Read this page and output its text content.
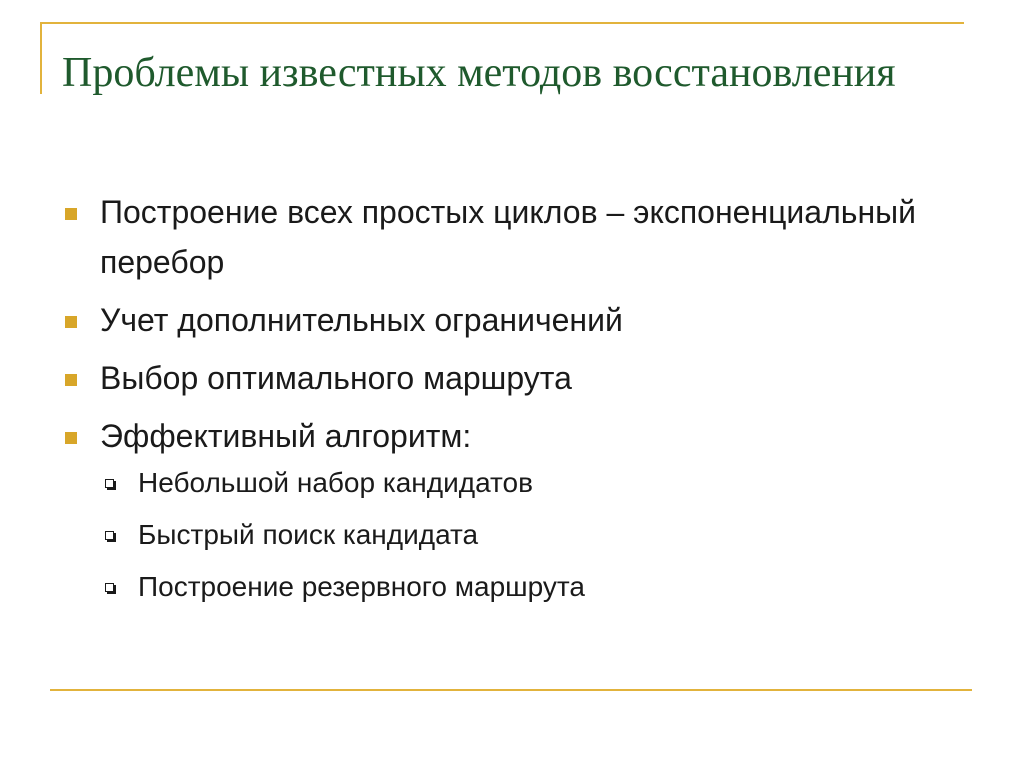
Проблемы известных методов восстановления
Построение всех простых циклов – экспоненциальный перебор
Учет дополнительных ограничений
Выбор оптимального маршрута
Эффективный алгоритм:
Небольшой набор кандидатов
Быстрый поиск кандидата
Построение резервного маршрута
